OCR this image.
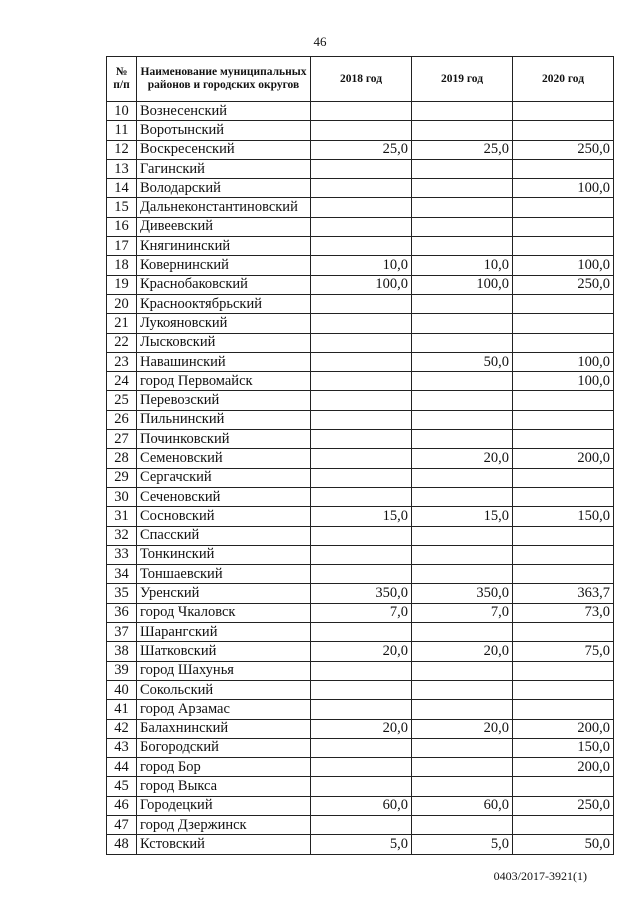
46
№ п/п	Наименование муниципальных районов и городских округов	2018 год	2019 год	2020 год
10	Вознесенский			
11	Воротынский			
12	Воскресенский	25,0	25,0	250,0
13	Гагинский			
14	Володарский			100,0
15	Дальнеконстантиновский			
16	Дивеевский			
17	Княгининский			
18	Ковернинский	10,0	10,0	100,0
19	Краснобаковский	100,0	100,0	250,0
20	Краснооктябрьский			
21	Лукояновский			
22	Лысковский			
23	Навашинский		50,0	100,0
24	город Первомайск			100,0
25	Перевозский			
26	Пильнинский			
27	Починковский			
28	Семеновский		20,0	200,0
29	Сергачский			
30	Сеченовский			
31	Сосновский	15,0	15,0	150,0
32	Спасский			
33	Тонкинский			
34	Тоншаевский			
35	Уренский	350,0	350,0	363,7
36	город Чкаловск	7,0	7,0	73,0
37	Шарангский			
38	Шатковский	20,0	20,0	75,0
39	город Шахунья			
40	Сокольский			
41	город Арзамас			
42	Балахнинский	20,0	20,0	200,0
43	Богородский			150,0
44	город Бор			200,0
45	город Выкса			
46	Городецкий	60,0	60,0	250,0
47	город Дзержинск			
48	Кстовский	5,0	5,0	50,0
0403/2017-3921(1)
